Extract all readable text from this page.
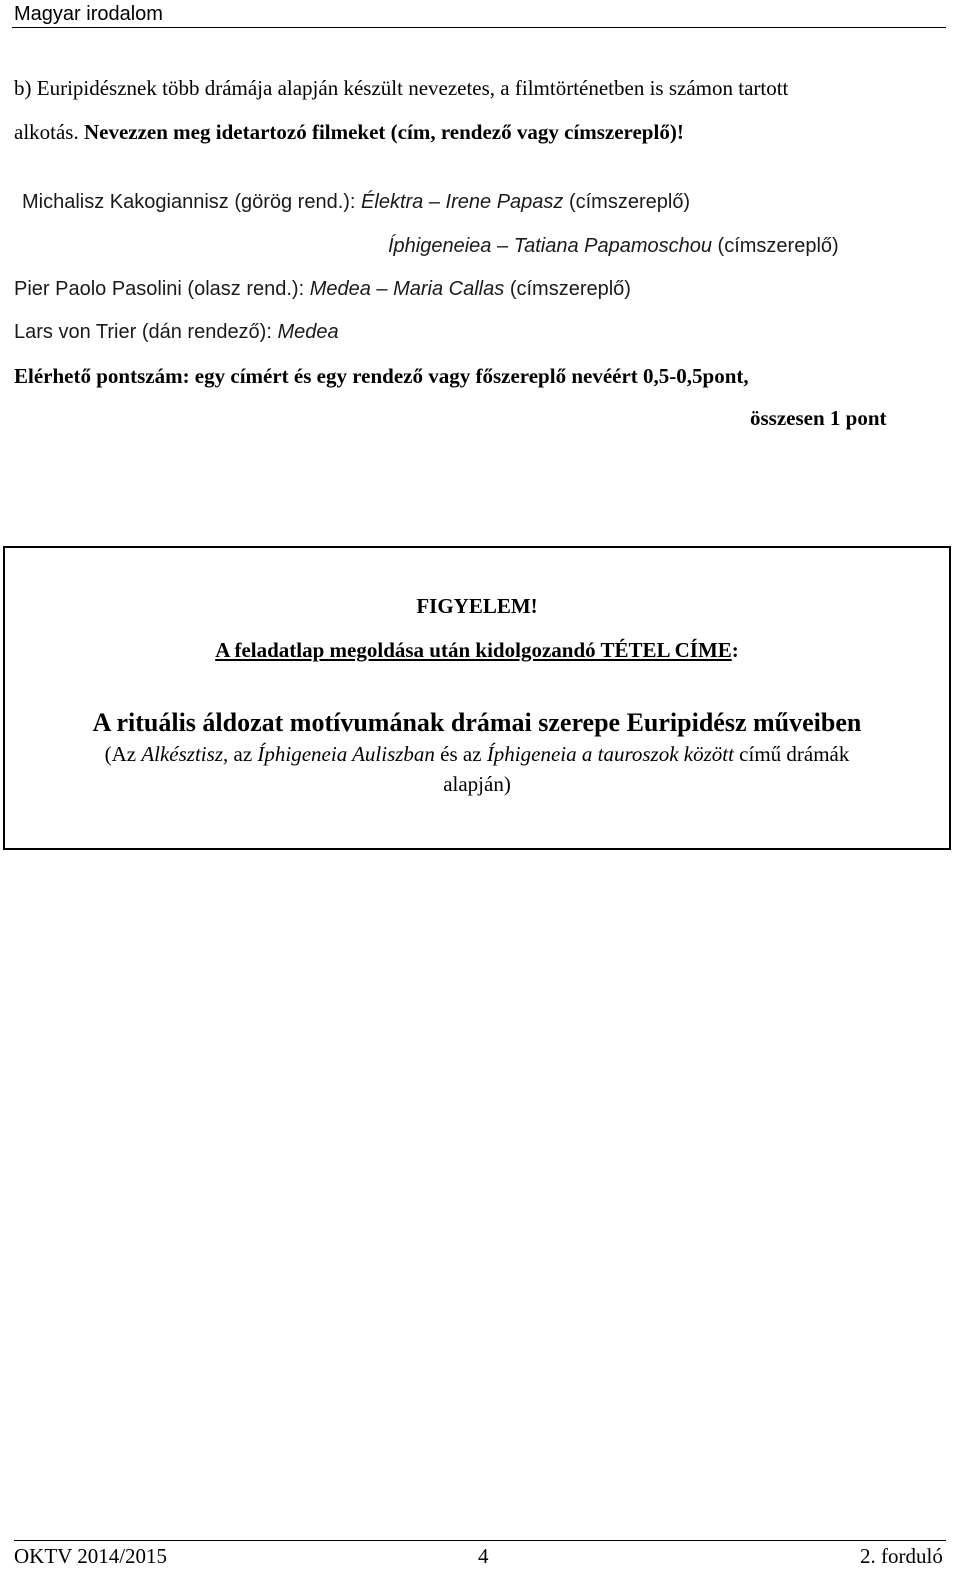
Magyar irodalom
b) Euripidésznek több drámája alapján készült nevezetes, a filmtörténetben is számon tartott
alkotás. Nevezzen meg idetartozó filmeket (cím, rendező vagy címszereplő)!
Michalisz Kakogiannisz (görög rend.): Élektra – Irene Papasz (címszereplő)
Íphigeneiea – Tatiana Papamoschou (címszereplő)
Pier Paolo Pasolini (olasz rend.): Medea – Maria Callas (címszereplő)
Lars von Trier (dán rendező): Medea
Elérhető pontszám: egy címért és egy rendező vagy főszereplő nevéért 0,5-0,5pont,
összesen 1 pont
FIGYELEM!
A feladatlap megoldása után kidolgozandó TÉTEL CÍME:
A rituális áldozat motívumának drámai szerepe Euripidész műveiben
(Az Alkésztisz, az Íphigeneia Auliszban és az Íphigeneia a tauroszok között című drámák
alapján)
OKTV 2014/2015	4	2. forduló
